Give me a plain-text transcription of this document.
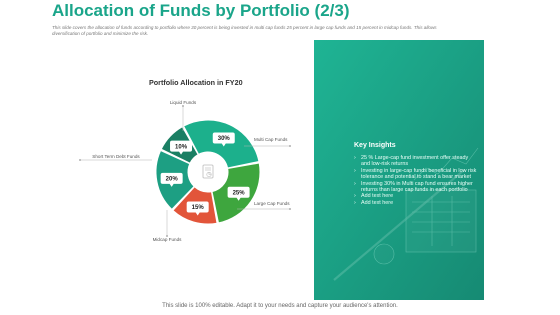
Allocation of Funds by Portfolio (2/3)
This slide covers the allocation of funds according to portfolio where 30 percent is being invested in multi cap funds 25 percent in large cap funds and 15 percent in midcap funds. This allows diversification of portfolio and minimize the risk.
Portfolio Allocation in FY20
10%
Liquid Funds
30%	Multi Cap Funds
25%
Large Cap Funds
15%
Midcap Funds
20%
Short Term Debt Funds
Key Insights
› 25 % Large-cap fund investment offer steady and low-risk returns
› Investing in large-cap funds beneficial in low risk tolerance and potential to stand a bear market
› Investing 30% in Multi cap fund ensures higher returns than large cap funds in each portfolio
› Add text here
› Add text here
This slide is 100% editable. Adapt it to your needs and capture your audience's attention.
